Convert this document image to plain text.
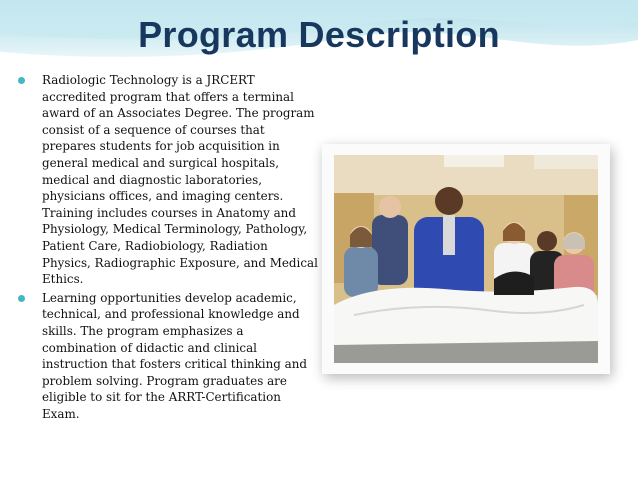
Program Description
Radiologic Technology is a JRCERT accredited program that offers a terminal award of an Associates Degree. The program consist of a sequence of courses that prepares students for job acquisition in general medical and surgical hospitals, medical and diagnostic laboratories, physicians offices, and imaging centers. Training includes courses in Anatomy and Physiology, Medical Terminology, Pathology, Patient Care, Radiobiology, Radiation Physics, Radiographic Exposure, and Medical Ethics.
Learning opportunities develop academic, technical, and professional knowledge and skills. The program emphasizes a combination of didactic and clinical instruction that fosters critical thinking and problem solving. Program graduates are eligible to sit for the ARRT-Certification Exam.
